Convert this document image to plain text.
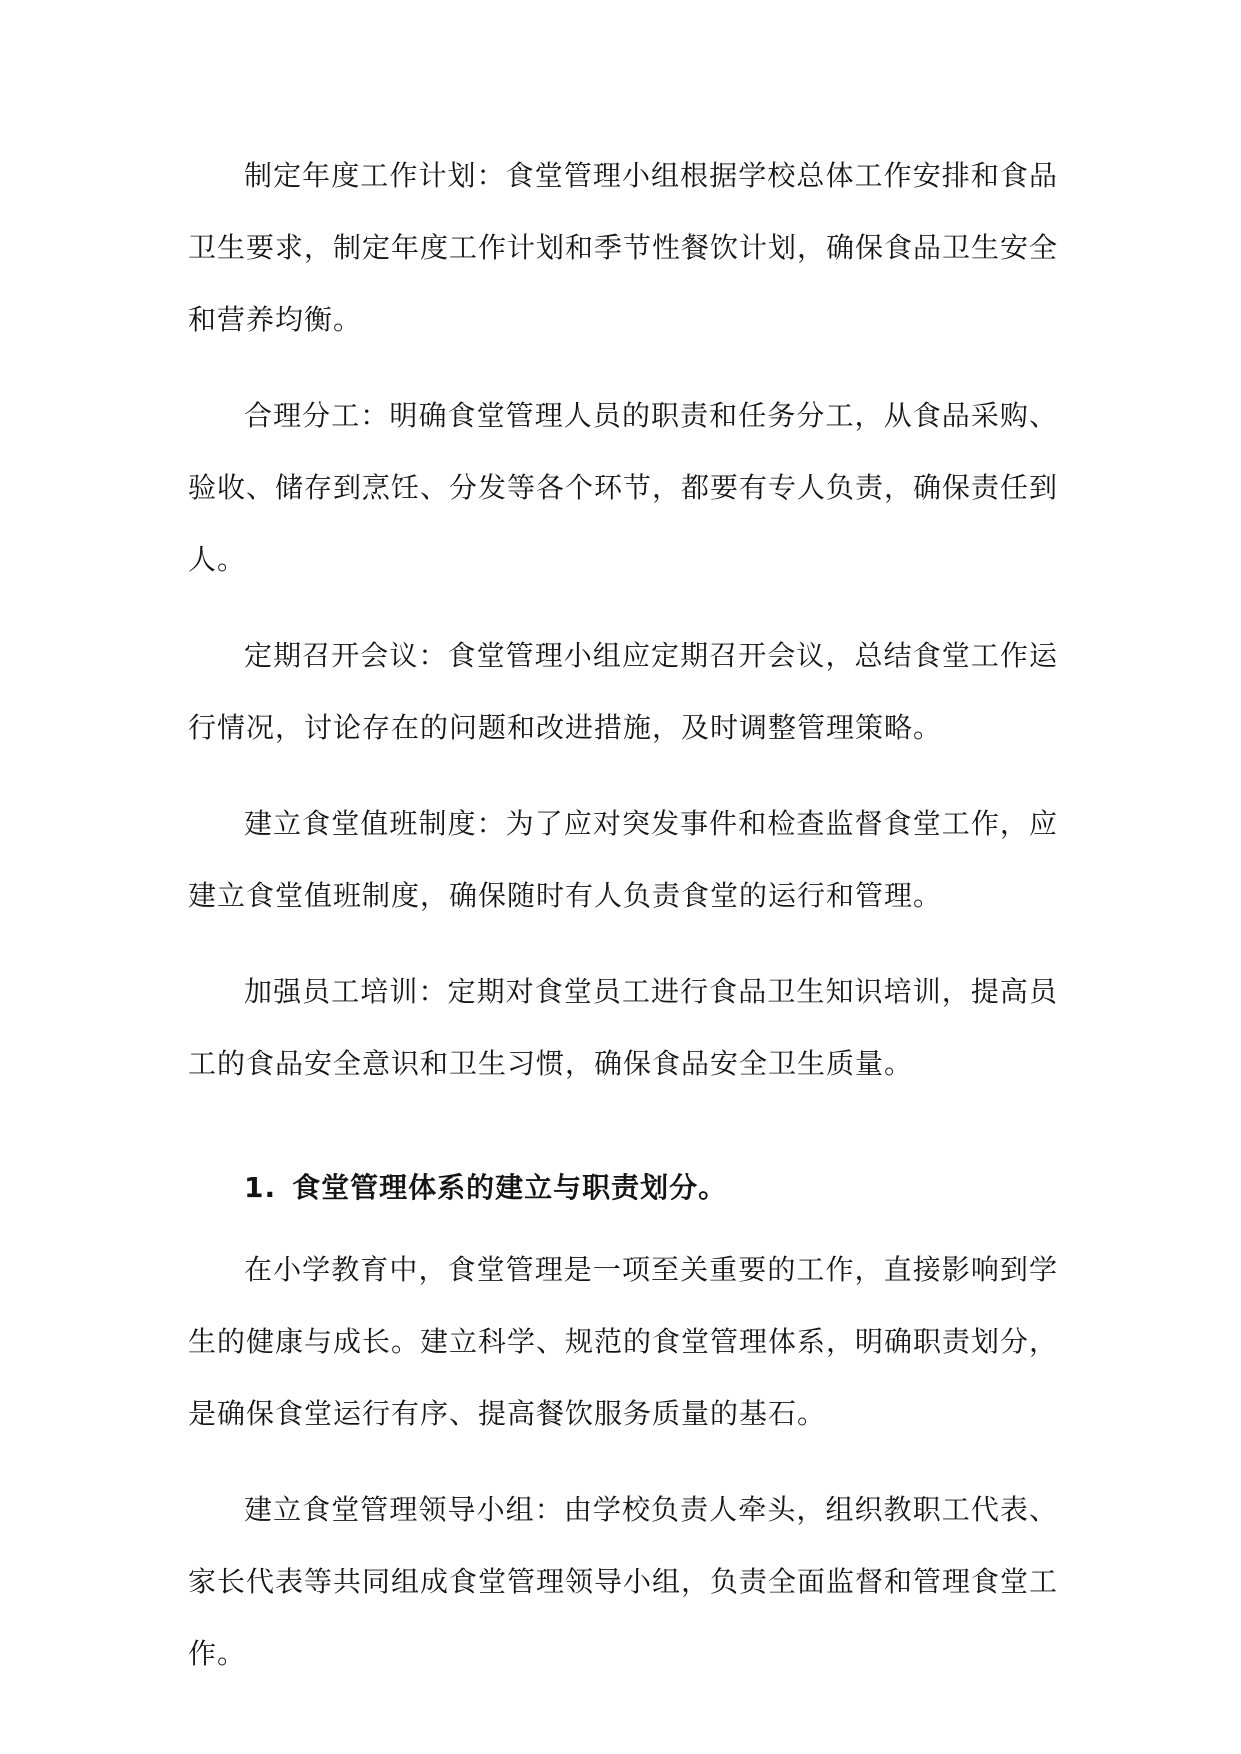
制定年度工作计划：食堂管理小组根据学校总体工作安排和食品卫生要求，制定年度工作计划和季节性餐饮计划，确保食品卫生安全和营养均衡。

合理分工：明确食堂管理人员的职责和任务分工，从食品采购、验收、储存到烹饪、分发等各个环节，都要有专人负责，确保责任到人。

定期召开会议：食堂管理小组应定期召开会议，总结食堂工作运行情况，讨论存在的问题和改进措施，及时调整管理策略。

建立食堂值班制度：为了应对突发事件和检查监督食堂工作，应建立食堂值班制度，确保随时有人负责食堂的运行和管理。

加强员工培训：定期对食堂员工进行食品卫生知识培训，提高员工的食品安全意识和卫生习惯，确保食品安全卫生质量。

1. 食堂管理体系的建立与职责划分。

在小学教育中，食堂管理是一项至关重要的工作，直接影响到学生的健康与成长。建立科学、规范的食堂管理体系，明确职责划分，是确保食堂运行有序、提高餐饮服务质量的基石。

建立食堂管理领导小组：由学校负责人牵头，组织教职工代表、家长代表等共同组成食堂管理领导小组，负责全面监督和管理食堂工作。
